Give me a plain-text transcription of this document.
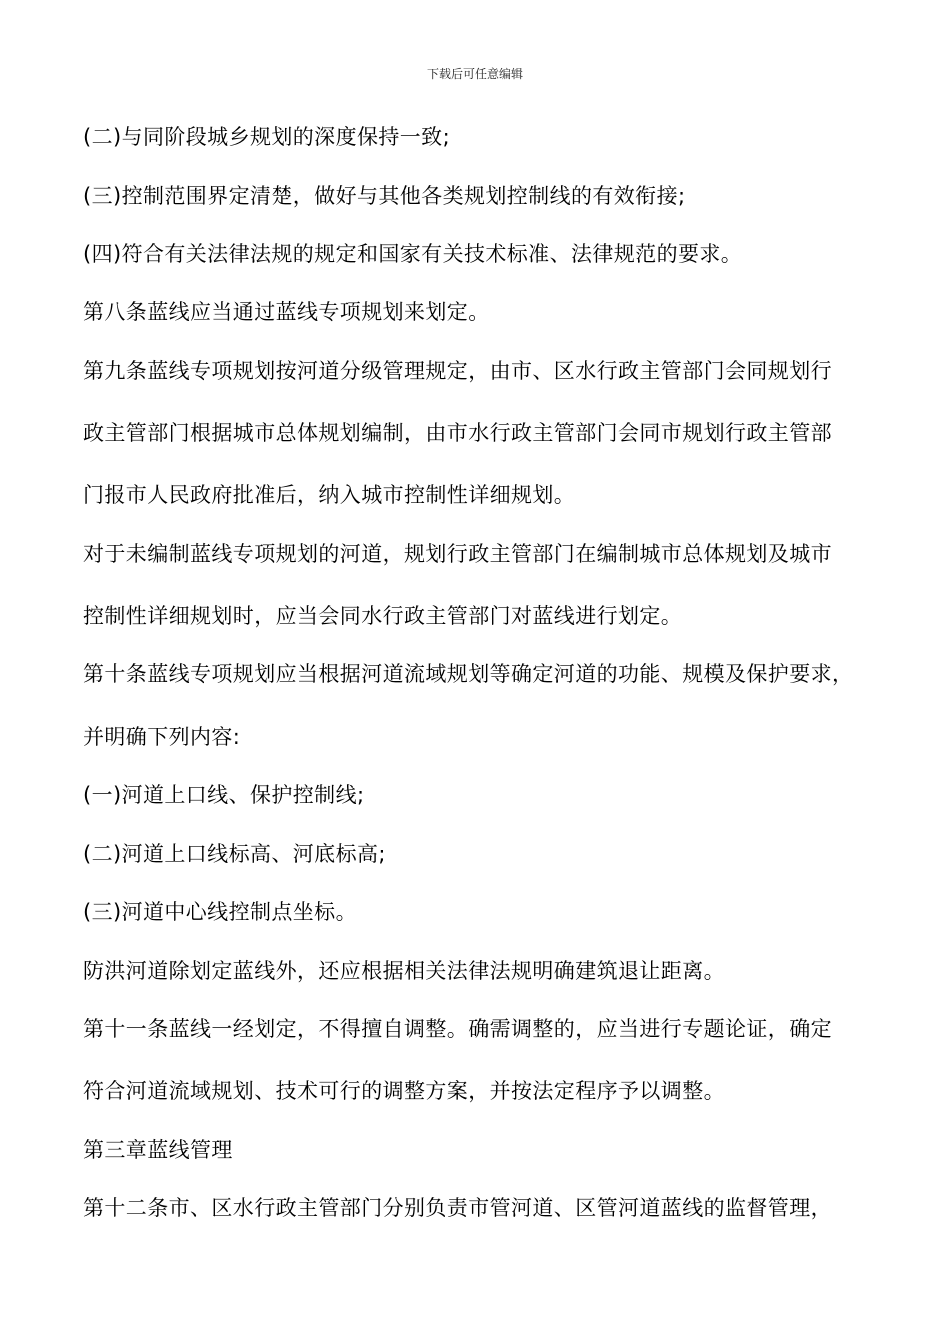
下载后可任意编辑
(二)与同阶段城乡规划的深度保持一致;
(三)控制范围界定清楚，做好与其他各类规划控制线的有效衔接;
(四)符合有关法律法规的规定和国家有关技术标准、法律规范的要求。
第八条蓝线应当通过蓝线专项规划来划定。
第九条蓝线专项规划按河道分级管理规定，由市、区水行政主管部门会同规划行
政主管部门根据城市总体规划编制，由市水行政主管部门会同市规划行政主管部
门报市人民政府批准后，纳入城市控制性详细规划。
对于未编制蓝线专项规划的河道，规划行政主管部门在编制城市总体规划及城市
控制性详细规划时，应当会同水行政主管部门对蓝线进行划定。
第十条蓝线专项规划应当根据河道流域规划等确定河道的功能、规模及保护要求，
并明确下列内容:
(一)河道上口线、保护控制线;
(二)河道上口线标高、河底标高;
(三)河道中心线控制点坐标。
防洪河道除划定蓝线外，还应根据相关法律法规明确建筑退让距离。
第十一条蓝线一经划定，不得擅自调整。确需调整的，应当进行专题论证，确定
符合河道流域规划、技术可行的调整方案，并按法定程序予以调整。
第三章蓝线管理
第十二条市、区水行政主管部门分别负责市管河道、区管河道蓝线的监督管理，
